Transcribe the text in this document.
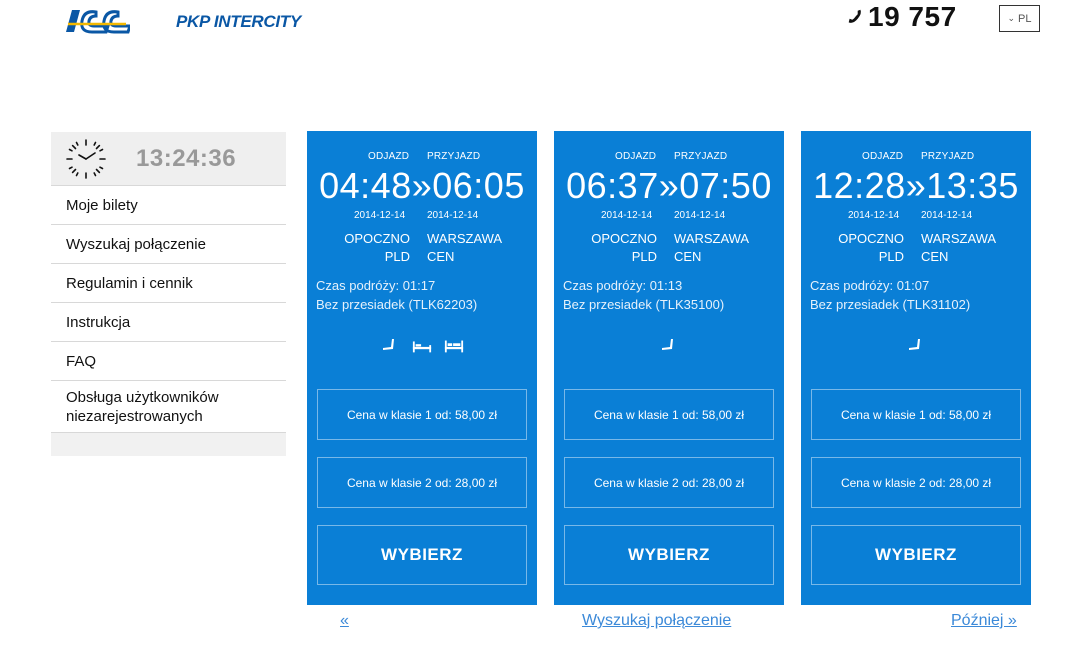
PKP INTERCITY	19 757	⌄ PL
13:24:36
Moje bilety
Wyszukaj połączenie
Regulamin i cennik
Instrukcja
FAQ
Obsługa użytkowników niezarejestrowanych
ODJAZD PRZYJAZD
04:48»06:05
2014-12-14 2014-12-14
OPOCZNO
PLD
WARSZAWA
CEN
Czas podróży: 01:17
Bez przesiadek (TLK62203)
Cena w klasie 1 od: 58,00 zł
Cena w klasie 2 od: 28,00 zł
WYBIERZ
ODJAZD PRZYJAZD
06:37»07:50
2014-12-14 2014-12-14
OPOCZNO
PLD
WARSZAWA
CEN
Czas podróży: 01:13
Bez przesiadek (TLK35100)
Cena w klasie 1 od: 58,00 zł
Cena w klasie 2 od: 28,00 zł
WYBIERZ
ODJAZD PRZYJAZD
12:28»13:35
2014-12-14 2014-12-14
OPOCZNO
PLD
WARSZAWA
CEN
Czas podróży: 01:07
Bez przesiadek (TLK31102)
Cena w klasie 1 od: 58,00 zł
Cena w klasie 2 od: 28,00 zł
WYBIERZ
«	Wyszukaj połączenie	Później »
